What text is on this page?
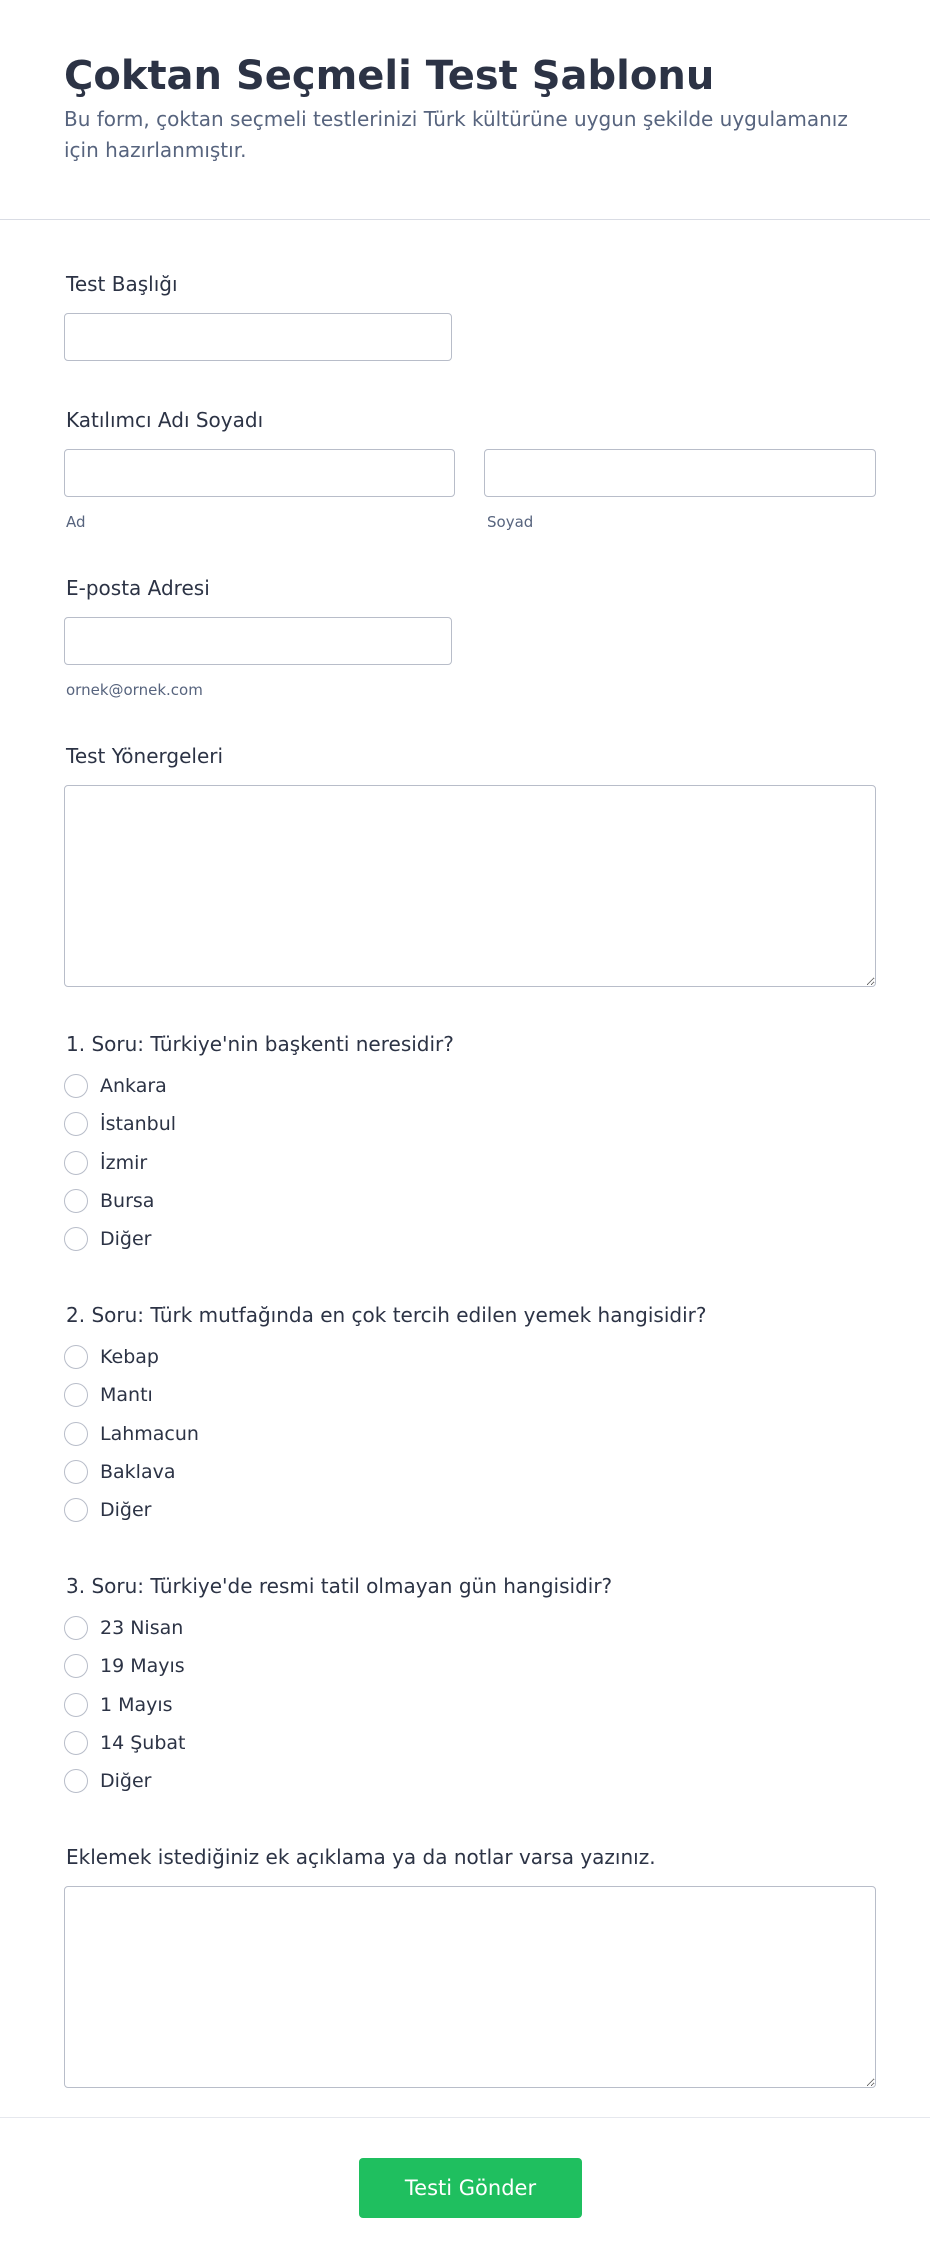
Çoktan Seçmeli Test Şablonu

Bu form, çoktan seçmeli testlerinizi Türk kültürüne uygun şekilde uygulamanız için hazırlanmıştır.

Test Başlığı
Katılımcı Adı Soyadı
Ad	Soyad
E-posta Adresi
ornek@ornek.com
Test Yönergeleri
1. Soru: Türkiye'nin başkenti neresidir?
Ankara
İstanbul
İzmir
Bursa
Diğer
2. Soru: Türk mutfağında en çok tercih edilen yemek hangisidir?
Kebap
Mantı
Lahmacun
Baklava
Diğer
3. Soru: Türkiye'de resmi tatil olmayan gün hangisidir?
23 Nisan
19 Mayıs
1 Mayıs
14 Şubat
Diğer
Eklemek istediğiniz ek açıklama ya da notlar varsa yazınız.
Testi Gönder
